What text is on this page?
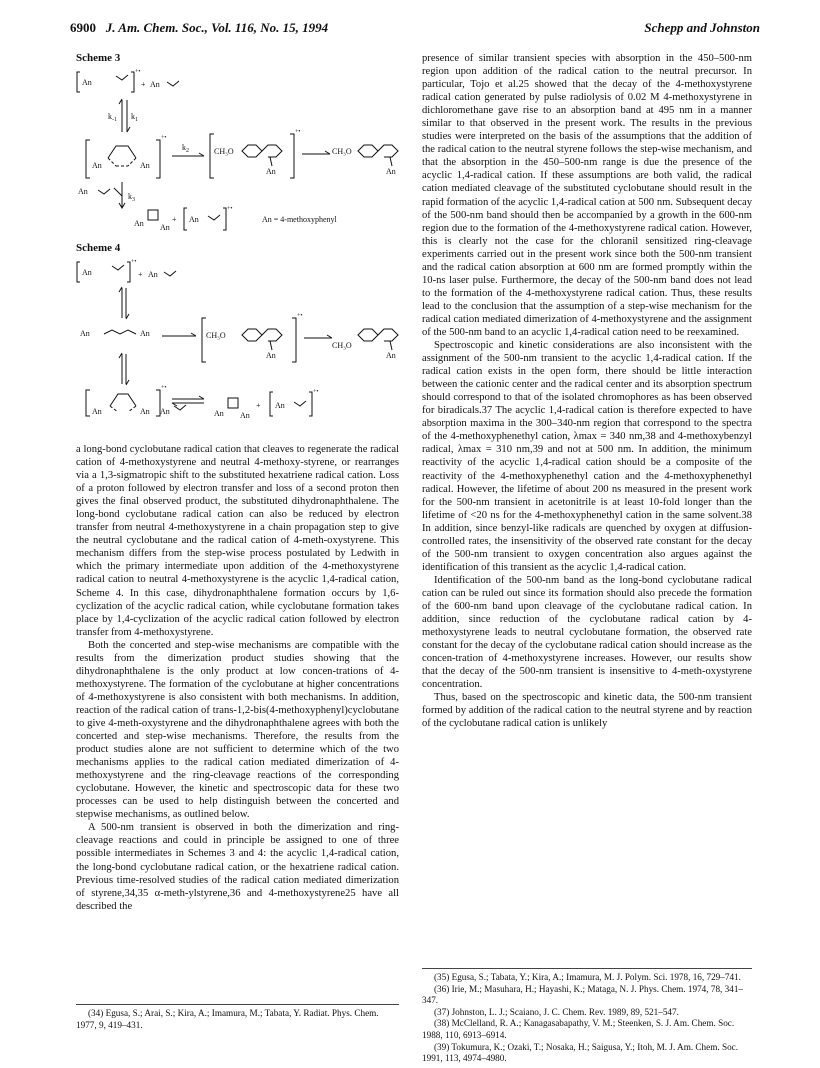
6900 J. Am. Chem. Soc., Vol. 116, No. 15, 1994	Schepp and Johnston
Scheme 3
An
+•
+ An
$k_{-1}$ $k_1$
An	An
+•
$k_2$	CH₃O
An
+•
CH₃O
An
An
$k_3$
An An
+ An
+•
An = 4-methoxyphenyl
Scheme 4
An
+•
+ An
An	An	CH₃O
An
+•
CH₃O
An
An	An
+•
An	An An
+ An
+•

a long-bond cyclobutane radical cation that cleaves to regenerate the radical cation of 4-methoxystyrene and neutral 4-methoxy-styrene, or rearranges via a 1,3-sigmatropic shift to the substituted hexatriene radical cation. Loss of a proton followed by electron transfer and loss of a second proton then gives the final observed product, the substituted dihydronaphthalene. The long-bond cyclobutane radical cation can also be reduced by electron transfer from neutral 4-methoxystyrene in a chain propagation step to give the neutral cyclobutane and the radical cation of 4-meth-oxystyrene. This mechanism differs from the step-wise process postulated by Ledwith in which the primary intermediate upon addition of the 4-methoxystyrene radical cation to neutral 4-methoxystyrene is the acyclic 1,4-radical cation, Scheme 4. In this case, dihydronaphthalene formation occurs by 1,6-cyclization of the acyclic radical cation, while cyclobutane formation takes place by 1,4-cyclization of the acyclic radical cation followed by electron transfer from 4-methoxystyrene.

Both the concerted and step-wise mechanisms are compatible with the results from the dimerization product studies showing that the dihydronaphthalene is the only product at low concen-trations of 4-methoxystyrene. The formation of the cyclobutane at higher concentrations of 4-methoxystyrene is also consistent with both mechanisms. In addition, reaction of the radical cation of trans-1,2-bis(4-methoxyphenyl)cyclobutane to give 4-meth-oxystyrene and the dihydronaphthalene agrees with both the concerted and step-wise mechanisms. Therefore, the results from the product studies alone are not sufficient to determine which of the two mechanisms applies to the radical cation mediated dimerization of 4-methoxystyrene and the ring-cleavage reactions of the corresponding cyclobutane. However, the kinetic and spectroscopic data for these two processes can be used to help distinguish between the concerted and stepwise mechanisms, as outlined below.

A 500-nm transient is observed in both the dimerization and ring-cleavage reactions and could in principle be assigned to one of three possible intermediates in Schemes 3 and 4: the acyclic 1,4-radical cation, the long-bond cyclobutane radical cation, or the hexatriene radical cation. Previous time-resolved studies of the radical cation mediated dimerization of styrene,34,35 α-meth-ylstyrene,36 and 4-methoxystyrene25 have all described the

(34) Egusa, S.; Arai, S.; Kira, A.; Imamura, M.; Tabata, Y. Radiat. Phys. Chem. 1977, 9, 419–431.

presence of similar transient species with absorption in the 450–500-nm region upon addition of the radical cation to the neutral precursor. In particular, Tojo et al.25 showed that the decay of the 4-methoxystyrene radical cation generated by pulse radiolysis of 0.02 M 4-methoxystyrene in dichloromethane gave rise to an absorption band at 495 nm in a manner similar to that observed in the present work. The results in the previous studies were interpreted on the basis of the assumptions that the addition of the radical cation to the neutral styrene follows the step-wise mechanism, and that the absorption in the 450–500-nm range is due the presence of the acyclic 1,4-radical cation. If these assumptions are both valid, the radical cation mediated cleavage of the substituted cyclobutane should result in the rapid formation of the acyclic 1,4-radical cation at 500 nm. Subsequent decay of the 500-nm band should then be accompanied by a growth in the 600-nm region due to the formation of the 4-methoxystyrene radical cation. However, this is clearly not the case for the chloranil sensitized ring-cleavage experiments carried out in the present work since both the 500-nm transient and the radical cation absorption at 600 nm are formed promptly within the 10-ns laser pulse. Furthermore, the decay of the 500-nm band does not lead to the formation of the 4-methoxystyrene radical cation. Thus, these results lead to the conclusion that the assumption of a step-wise mechanism for the radical cation mediated dimerization of 4-methoxystyrene and the assignment of the 500-nm band to an acyclic 1,4-radical cation need to be reexamined.

Spectroscopic and kinetic considerations are also inconsistent with the assignment of the 500-nm transient to the acyclic 1,4-radical cation. If the radical cation exists in the open form, there should be little interaction between the cationic center and the radical center and its absorption spectrum should correspond to that of the isolated chromophores as has been observed for biradicals.37 The acyclic 1,4-radical cation is therefore expected to have absorption maxima in the 300–340-nm region that correspond to the spectra of the 4-methoxyphenethyl cation, λmax = 340 nm,38 and 4-methoxybenzyl radical, λmax = 310 nm,39 and not at 500 nm. In addition, the minimum reactivity of the acyclic 1,4-radical cation should be a composite of the reactivity of the 4-methoxyphenethyl cation and the 4-methoxyphenethyl radical. However, the lifetime of about 200 ns measured in the present work for the 500-nm transient in acetonitrile is at least 10-fold longer than the lifetime of <20 ns for the 4-methoxyphenethyl cation in the same solvent.38 In addition, since benzyl-like radicals are quenched by oxygen at diffusion-controlled rates, the insensitivity of the observed rate constant for the decay of the 500-nm transient to oxygen concentration also argues against the identification of this transient as the acyclic 1,4-radical cation.

Identification of the 500-nm band as the long-bond cyclobutane radical cation can be ruled out since its formation should also precede the formation of the 600-nm band upon cleavage of the cyclobutane radical cation. In addition, since reduction of the cyclobutane radical cation by 4-methoxystyrene leads to neutral cyclobutane formation, the observed rate constant for the decay of the cyclobutane radical cation should increase as the concen-tration of 4-methoxystyrene increases. However, our results show that the decay of the 500-nm transient is insensitive to 4-meth-oxystyrene concentration.

Thus, based on the spectroscopic and kinetic data, the 500-nm transient formed by addition of the radical cation to the neutral styrene and by reaction of the cyclobutane radical cation is unlikely

(35) Egusa, S.; Tabata, Y.; Kira, A.; Imamura, M. J. Polym. Sci. 1978, 16, 729–741.
(36) Irie, M.; Masuhara, H.; Hayashi, K.; Mataga, N. J. Phys. Chem. 1974, 78, 341–347.
(37) Johnston, L. J.; Scaiano, J. C. Chem. Rev. 1989, 89, 521–547.
(38) McClelland, R. A.; Kanagasabapathy, V. M.; Steenken, S. J. Am. Chem. Soc. 1988, 110, 6913–6914.
(39) Tokumura, K.; Ozaki, T.; Nosaka, H.; Saigusa, Y.; Itoh, M. J. Am. Chem. Soc. 1991, 113, 4974–4980.
